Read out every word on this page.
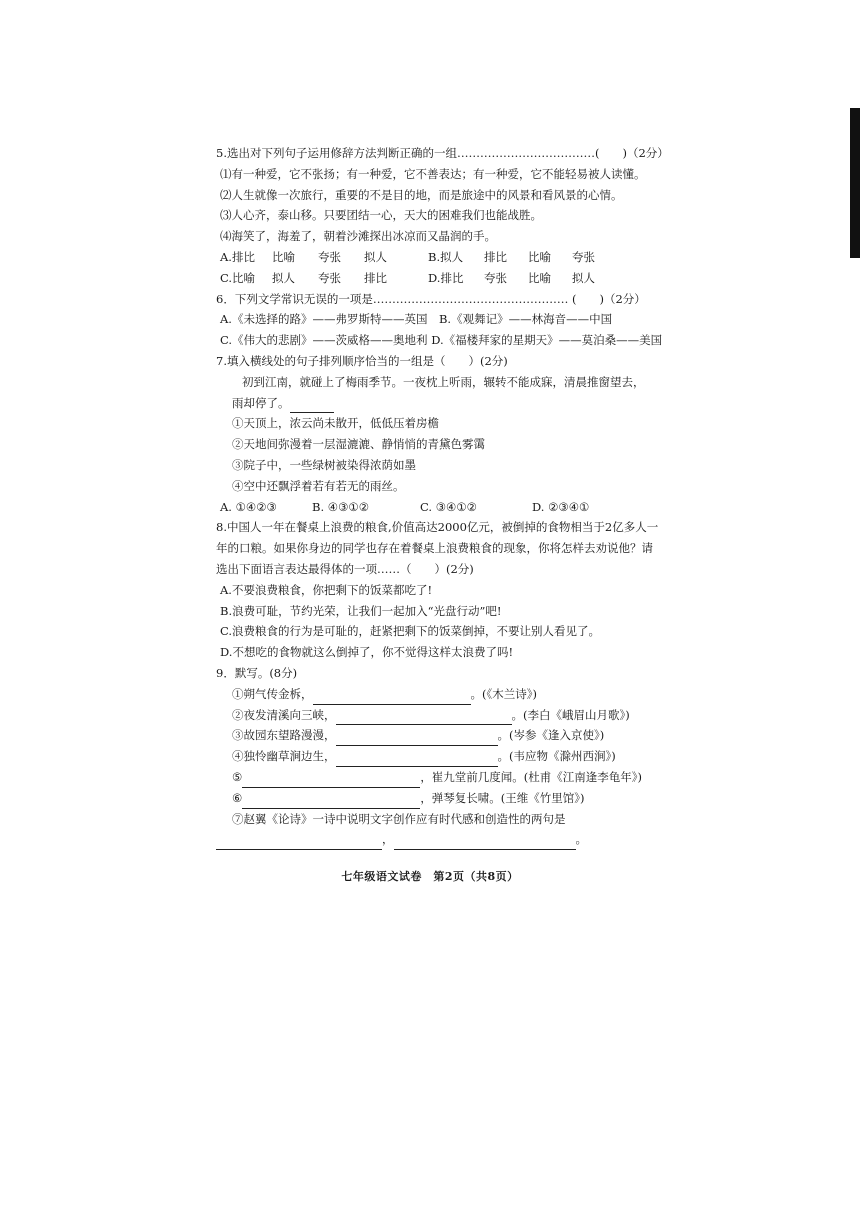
5.选出对下列句子运用修辞方法判断正确的一组………………………………(　　)（2分）
⑴有一种爱，它不张扬；有一种爱，它不善表达；有一种爱，它不能轻易被人读懂。
⑵人生就像一次旅行，重要的不是目的地，而是旅途中的风景和看风景的心情。
⑶人心齐，泰山移。只要团结一心，天大的困难我们也能战胜。
⑷海笑了，海羞了，朝着沙滩探出冰凉而又晶润的手。
A.排比	比喻	夸张	拟人	B.拟人	排比	比喻	夸张
C.比喻	拟人	夸张	排比	D.排比	夸张	比喻	拟人
6．下列文学常识无误的一项是…………………………………………… (　　)（2分）
A.《未选择的路》——弗罗斯特——英国　B.《观舞记》——林海音——中国
C.《伟大的悲剧》——茨威格——奥地利 D.《福楼拜家的星期天》——莫泊桑——美国
7.填入横线处的句子排列顺序恰当的一组是（　　）(2分)
初到江南，就碰上了梅雨季节。一夜枕上听雨，辗转不能成寐，清晨推窗望去，
雨却停了。
①天顶上，浓云尚未散开，低低压着房檐
②天地间弥漫着一层湿漉漉、静悄悄的青黛色雾霭
③院子中，一些绿树被染得浓荫如墨
④空中还飘浮着若有若无的雨丝。
A. ①④②③	B. ④③①②	C. ③④①②	D. ②③④①
8.中国人一年在餐桌上浪费的粮食,价值高达2000亿元，被倒掉的食物相当于2亿多人一
年的口粮。如果你身边的同学也存在着餐桌上浪费粮食的现象，你将怎样去劝说他？请
选出下面语言表达最得体的一项……（　　）(2分)
A.不要浪费粮食，你把剩下的饭菜都吃了!
B.浪费可耻，节约光荣，让我们一起加入“光盘行动”吧!
C.浪费粮食的行为是可耻的，赶紧把剩下的饭菜倒掉，不要让别人看见了。
D.不想吃的食物就这么倒掉了，你不觉得这样太浪费了吗!
9．默写。(8分)
①朔气传金柝，	。(《木兰诗》)
②夜发清溪向三峡，	。(李白《峨眉山月歌》)
③故园东望路漫漫，	。(岑参《逢入京使》)
④独怜幽草涧边生，	。(韦应物《滁州西涧》)
⑤	，崔九堂前几度闻。(杜甫《江南逢李龟年》)
⑥	，弹琴复长啸。(王维《竹里馆》)
⑦赵翼《论诗》一诗中说明文字创作应有时代感和创造性的两句是
，	。
七年级语文试卷　第2页（共8页）
